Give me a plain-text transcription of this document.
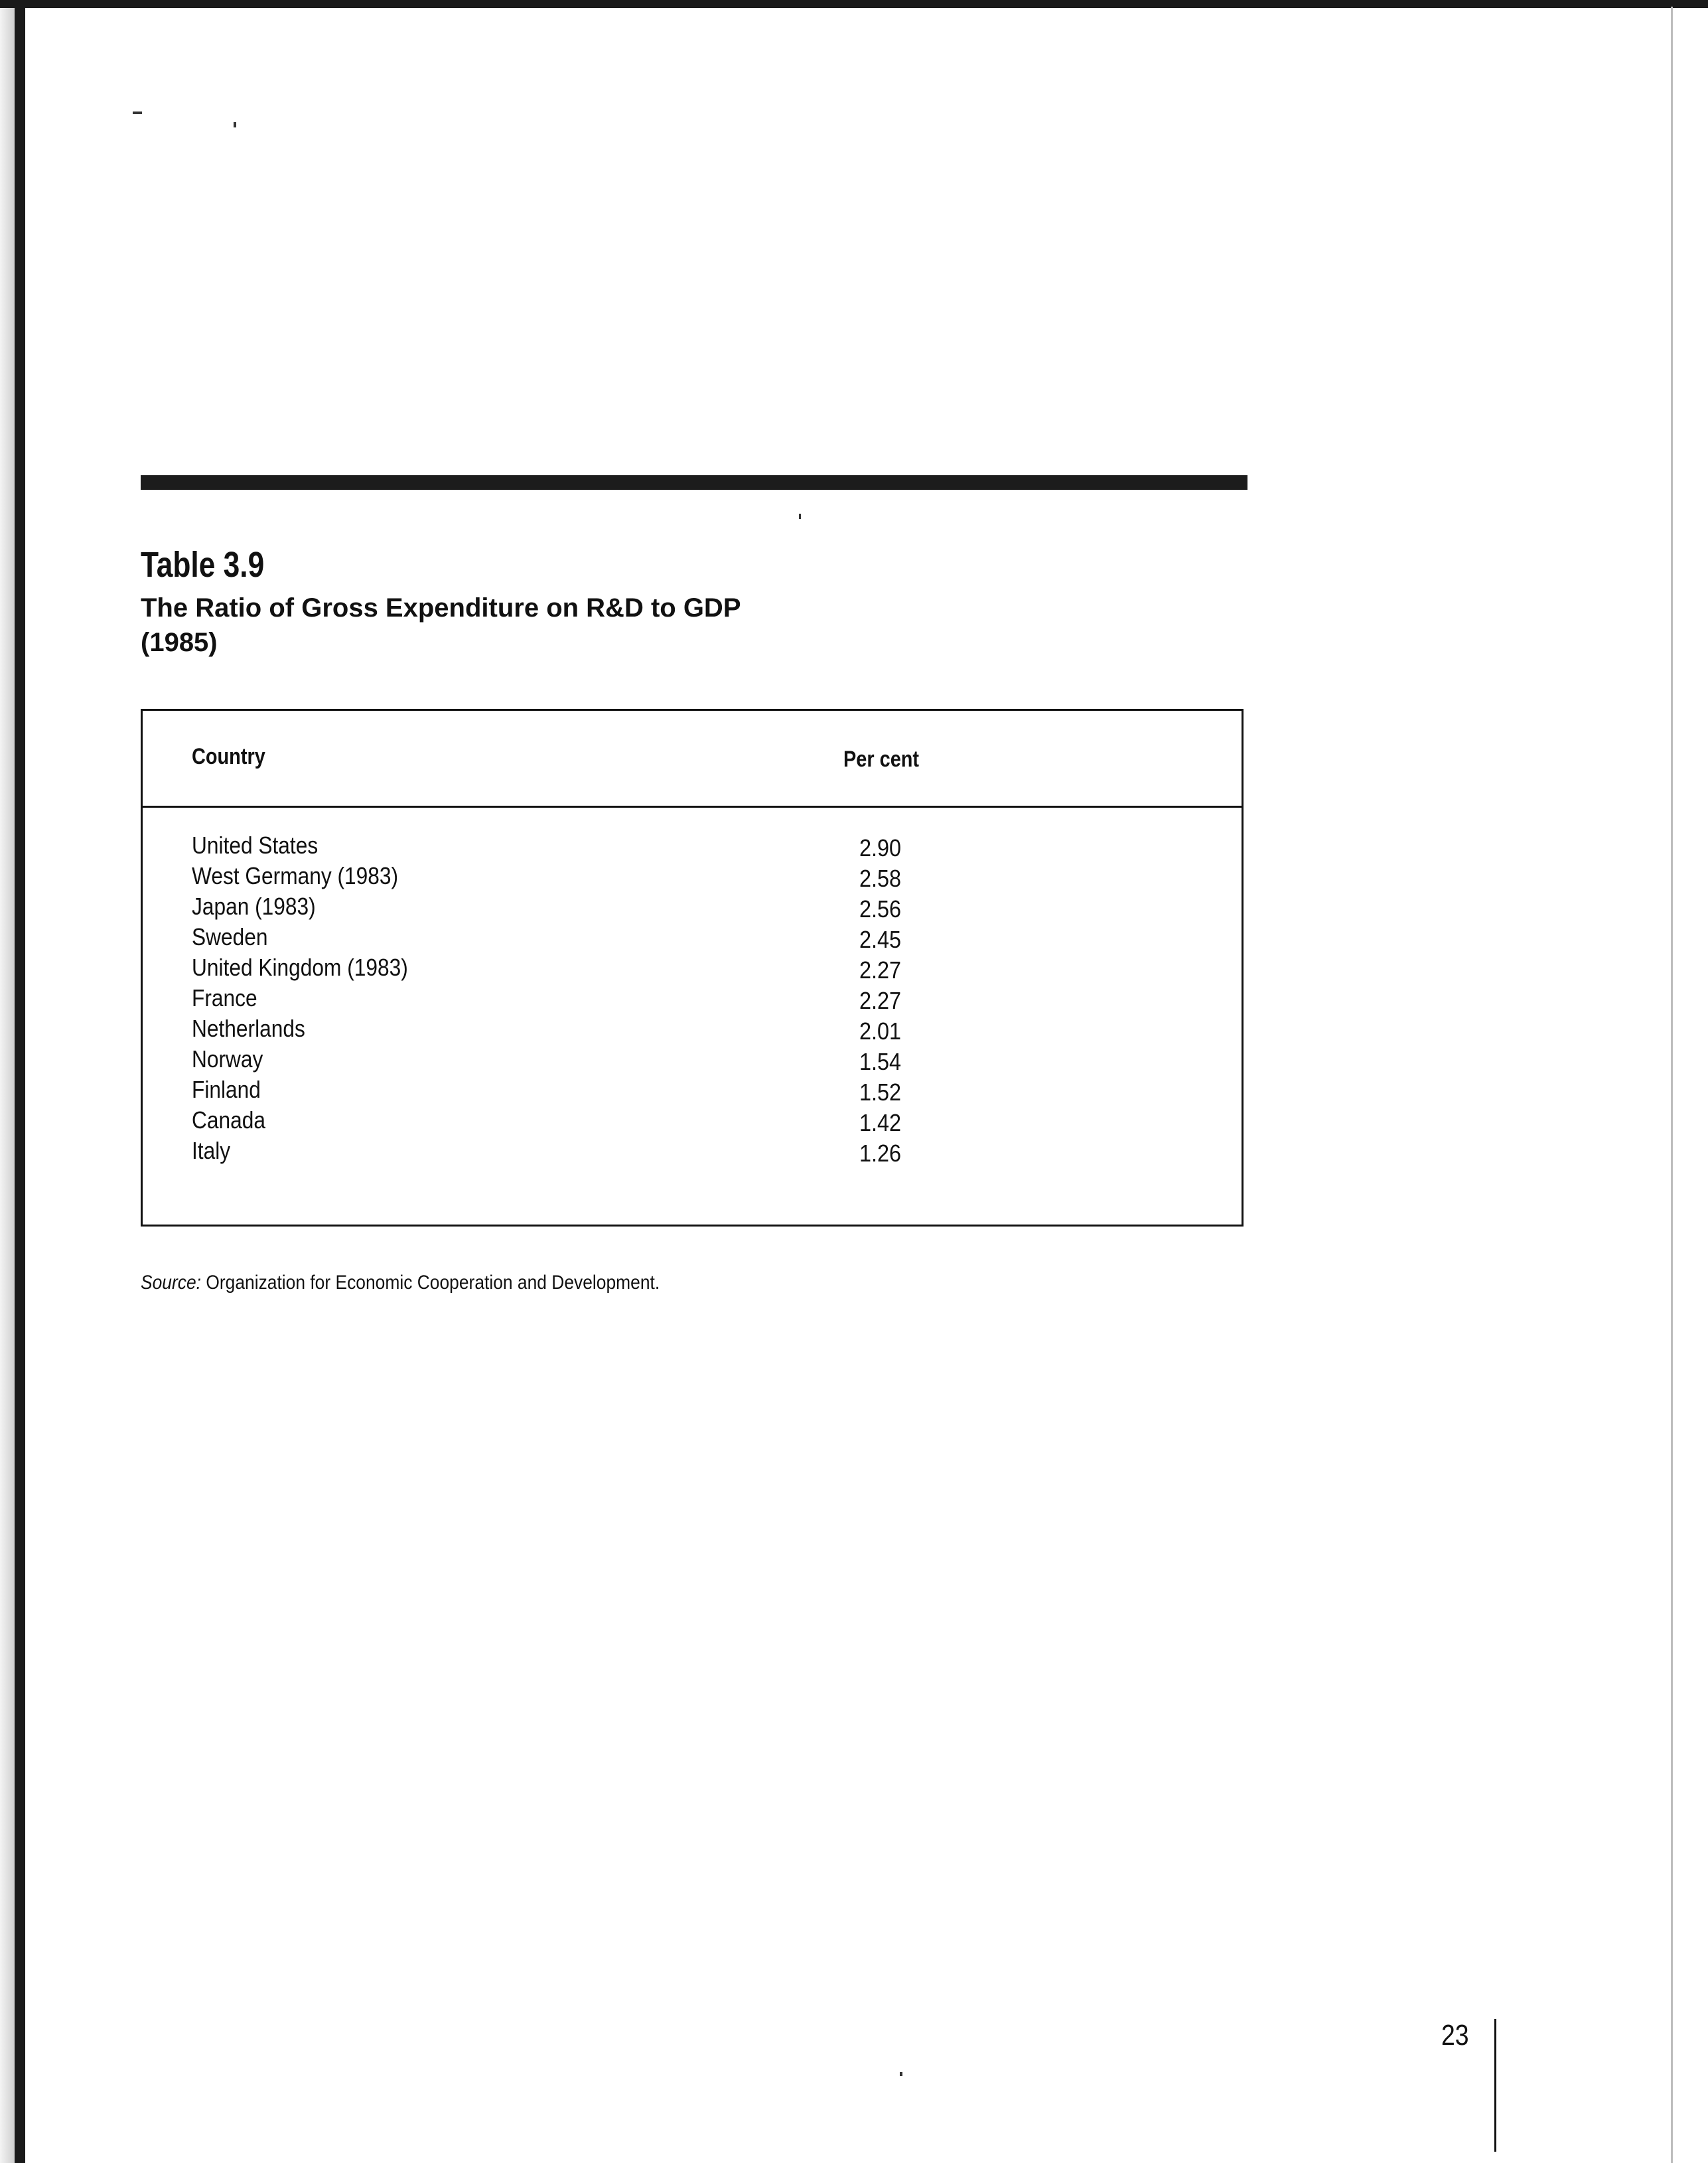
Table 3.9
The Ratio of Gross Expenditure on R&D to GDP
(1985)
Country	Per cent
United States	2.90
West Germany (1983)	2.58
Japan (1983)	2.56
Sweden	2.45
United Kingdom (1983)	2.27
France	2.27
Netherlands	2.01
Norway	1.54
Finland	1.52
Canada	1.42
Italy	1.26
Source: Organization for Economic Cooperation and Development.
23
